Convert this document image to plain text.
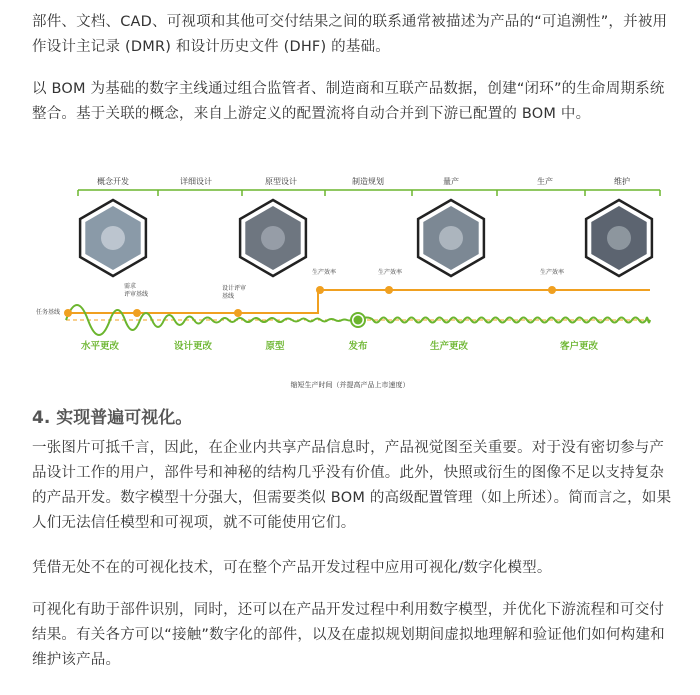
部件、文档、CAD、可视项和其他可交付结果之间的联系通常被描述为产品的“可追溯性”，并被用作设计主记录 (DMR) 和设计历史文件 (DHF) 的基础。

以 BOM 为基础的数字主线通过组合监管者、制造商和互联产品数据，创建“闭环”的生命周期系统整合。基于关联的概念，来自上游定义的配置流将自动合并到下游已配置的 BOM 中。

概念开发	详细设计	原型设计	制造规划	量产	生产	维护
任务基线
需求
评审基线
设计评审
基线
生产效率	生产效率	生产效率
水平更改	设计更改	原型	发布	生产更改	客户更改
缩短生产时间（并提高产品上市速度）
4. 实现普遍可视化。

一张图片可抵千言，因此，在企业内共享产品信息时，产品视觉图至关重要。对于没有密切参与产品设计工作的用户，部件号和神秘的结构几乎没有价值。此外，快照或衍生的图像不足以支持复杂的产品开发。数字模型十分强大，但需要类似 BOM 的高级配置管理（如上所述）。简而言之，如果人们无法信任模型和可视项，就不可能使用它们。

凭借无处不在的可视化技术，可在整个产品开发过程中应用可视化/数字化模型。

可视化有助于部件识别，同时，还可以在产品开发过程中利用数字模型，并优化下游流程和可交付结果。有关各方可以“接触”数字化的部件，以及在虚拟规划期间虚拟地理解和验证他们如何构建和维护该产品。
